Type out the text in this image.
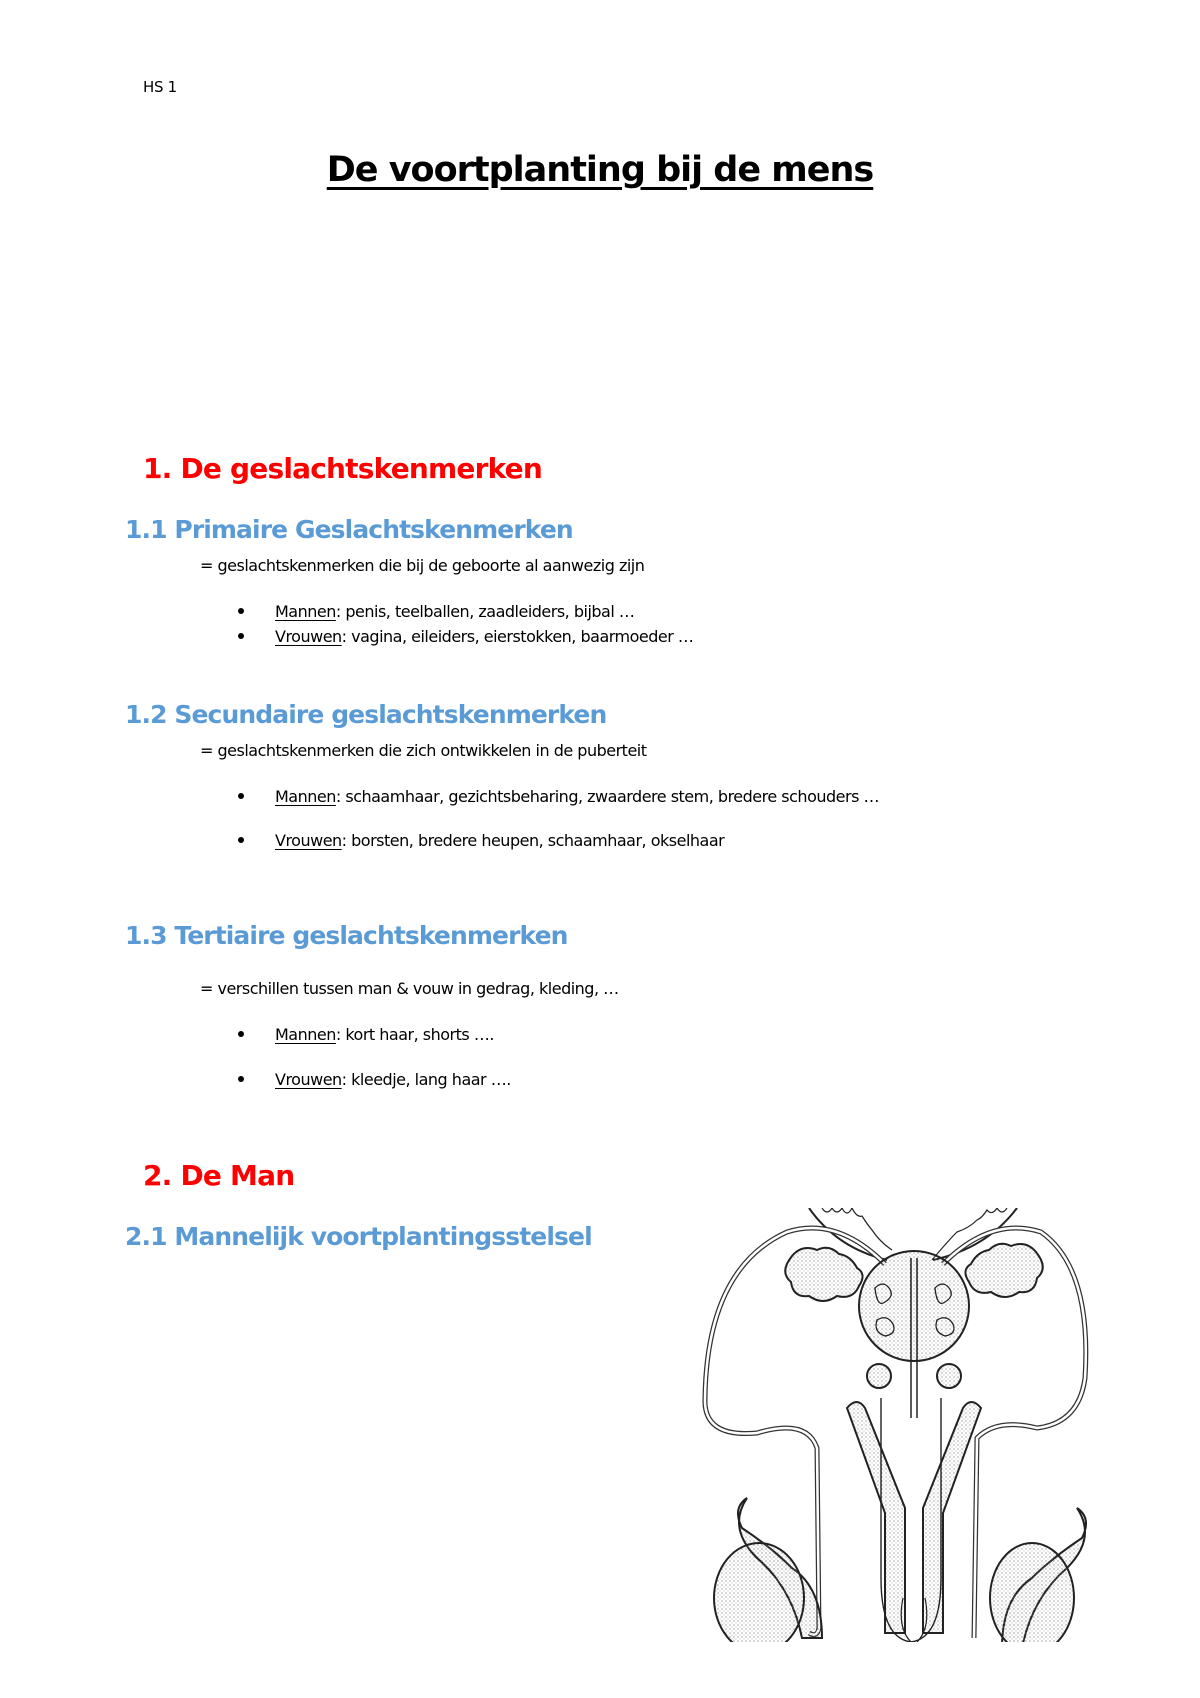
HS 1
De voortplanting bij de mens
1. De geslachtskenmerken
1.1 Primaire Geslachtskenmerken
= geslachtskenmerken die bij de geboorte al aanwezig zijn
Mannen: penis, teelballen, zaadleiders, bijbal …
Vrouwen: vagina, eileiders, eierstokken, baarmoeder …
1.2 Secundaire geslachtskenmerken
= geslachtskenmerken die zich ontwikkelen in de puberteit
Mannen: schaamhaar, gezichtsbeharing, zwaardere stem, bredere schouders …
Vrouwen: borsten, bredere heupen, schaamhaar, okselhaar
1.3 Tertiaire geslachtskenmerken
= verschillen tussen man & vouw in gedrag, kleding, …
Mannen: kort haar, shorts ….
Vrouwen: kleedje, lang haar ….
2. De Man
2.1 Mannelijk voortplantingsstelsel
